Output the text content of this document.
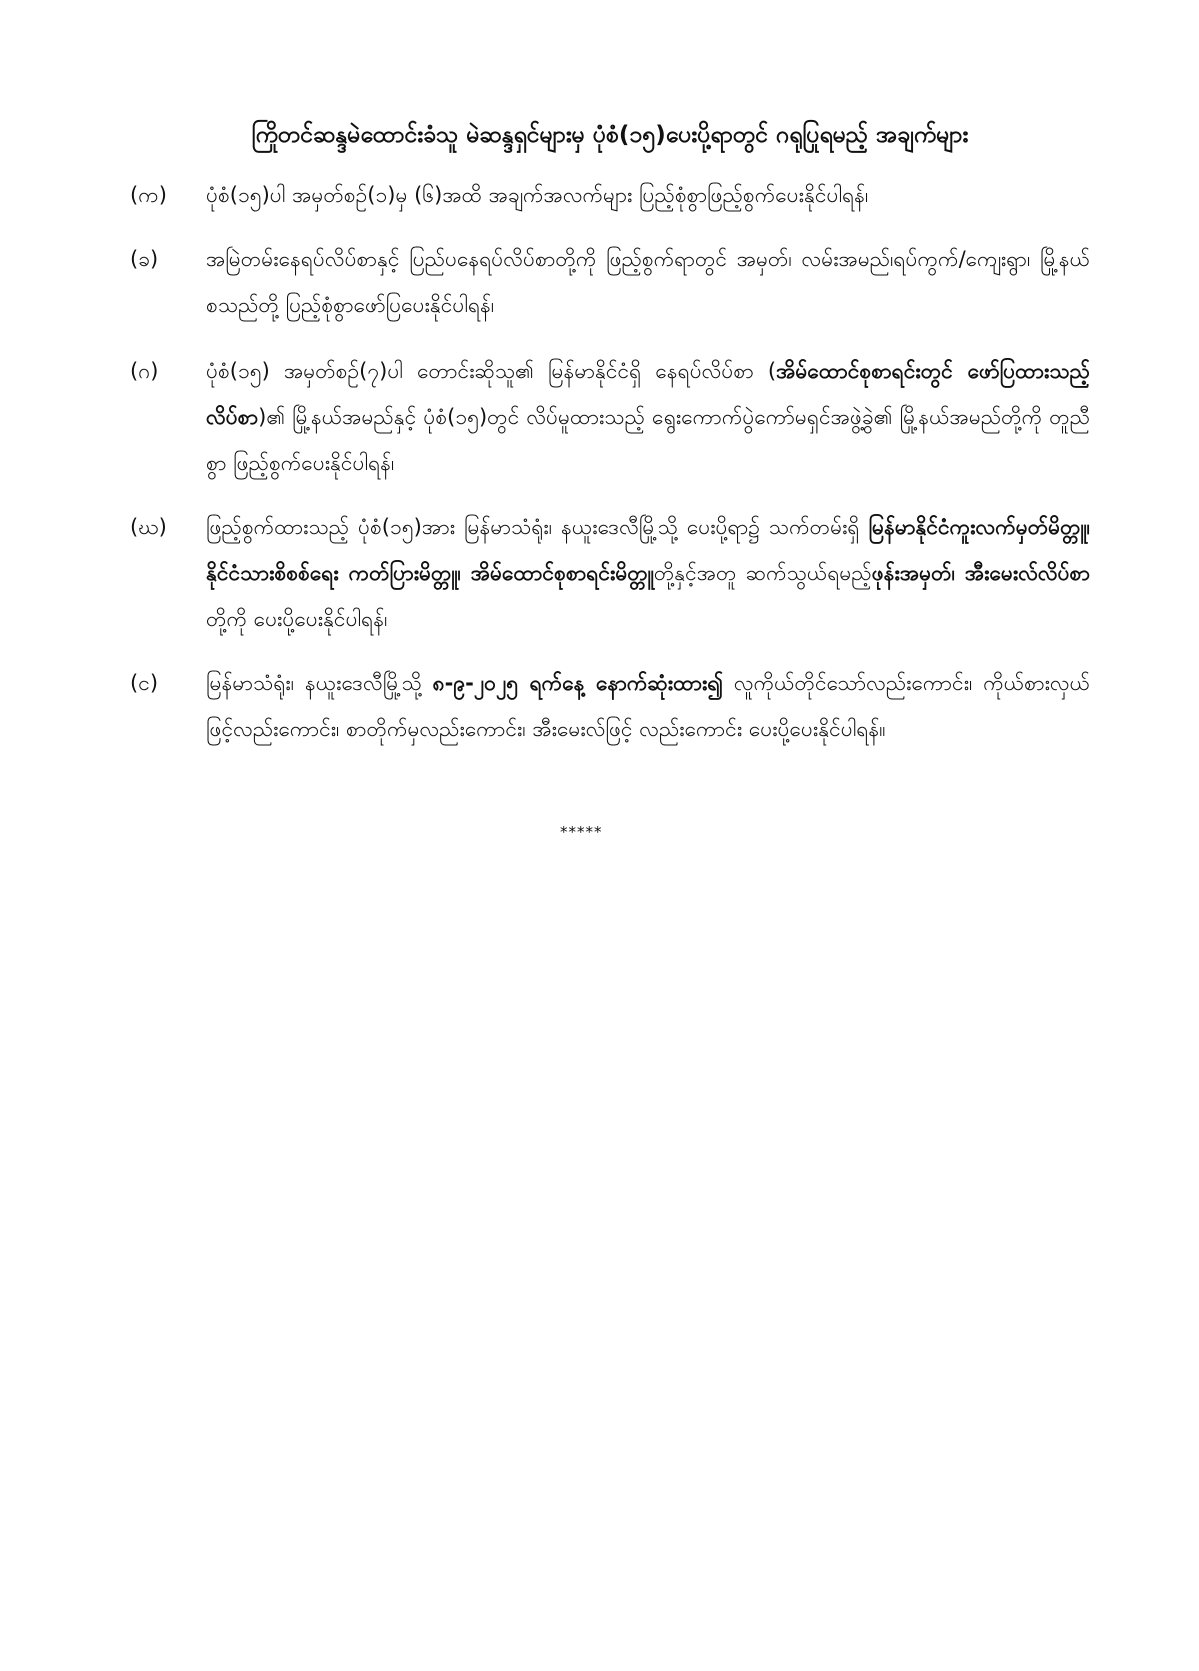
ကြိုတင်ဆန္ဒမဲထောင်းခံသူ မဲဆန္ဒရှင်များမှ ပုံစံ(၁၅)ပေးပို့ရာတွင် ဂရုပြုရမည့် အချက်များ
(က)	ပုံစံ(၁၅)ပါ အမှတ်စဉ်(၁)မှ (၆)အထိ အချက်အလက်များ ပြည့်စုံစွာဖြည့်စွက်ပေးနိုင်ပါရန်၊
(ခ)	အမြဲတမ်းနေရပ်လိပ်စာနှင့် ပြည်ပနေရပ်လိပ်စာတို့ကို ဖြည့်စွက်ရာတွင် အမှတ်၊ လမ်းအမည်၊ရပ်ကွက်/ကျေးရွာ၊ မြို့နယ် စသည်တို့ ပြည့်စုံစွာဖော်ပြပေးနိုင်ပါရန်၊
(ဂ)	ပုံစံ(၁၅) အမှတ်စဉ်(၇)ပါ တောင်းဆိုသူ၏ မြန်မာနိုင်ငံရှိ နေရပ်လိပ်စာ (အိမ်ထောင်စုစာရင်းတွင် ဖော်ပြထားသည့်လိပ်စာ)၏ မြို့နယ်အမည်နှင့် ပုံစံ(၁၅)တွင် လိပ်မူထားသည့် ရွေးကောက်ပွဲကော်မရှင်အဖွဲ့ခွဲ၏ မြို့နယ်အမည်တို့ကို တူညီစွာ ဖြည့်စွက်ပေးနိုင်ပါရန်၊
(ဃ)	ဖြည့်စွက်ထားသည့် ပုံစံ(၁၅)အား မြန်မာသံရုံး၊ နယူးဒေလီမြို့သို့ ပေးပို့ရာ၌ သက်တမ်းရှိ မြန်မာနိုင်ငံကူးလက်မှတ်မိတ္တူ၊ နိုင်ငံသားစိစစ်ရေး ကတ်ပြားမိတ္တူ၊ အိမ်ထောင်စုစာရင်းမိတ္တူတို့နှင့်အတူ ဆက်သွယ်ရမည့်ဖုန်းအမှတ်၊ အီးမေးလ်လိပ်စာတို့ကို ပေးပို့ပေးနိုင်ပါရန်၊
(င)	မြန်မာသံရုံး၊ နယူးဒေလီမြို့သို့ ၈-၉-၂၀၂၅ ရက်နေ့ နောက်ဆုံးထား၍ လူကိုယ်တိုင်သော်လည်းကောင်း၊ ကိုယ်စားလှယ်ဖြင့်လည်းကောင်း၊ စာတိုက်မှလည်းကောင်း၊ အီးမေးလ်ဖြင့် လည်းကောင်း ပေးပို့ပေးနိုင်ပါရန်။
*****
